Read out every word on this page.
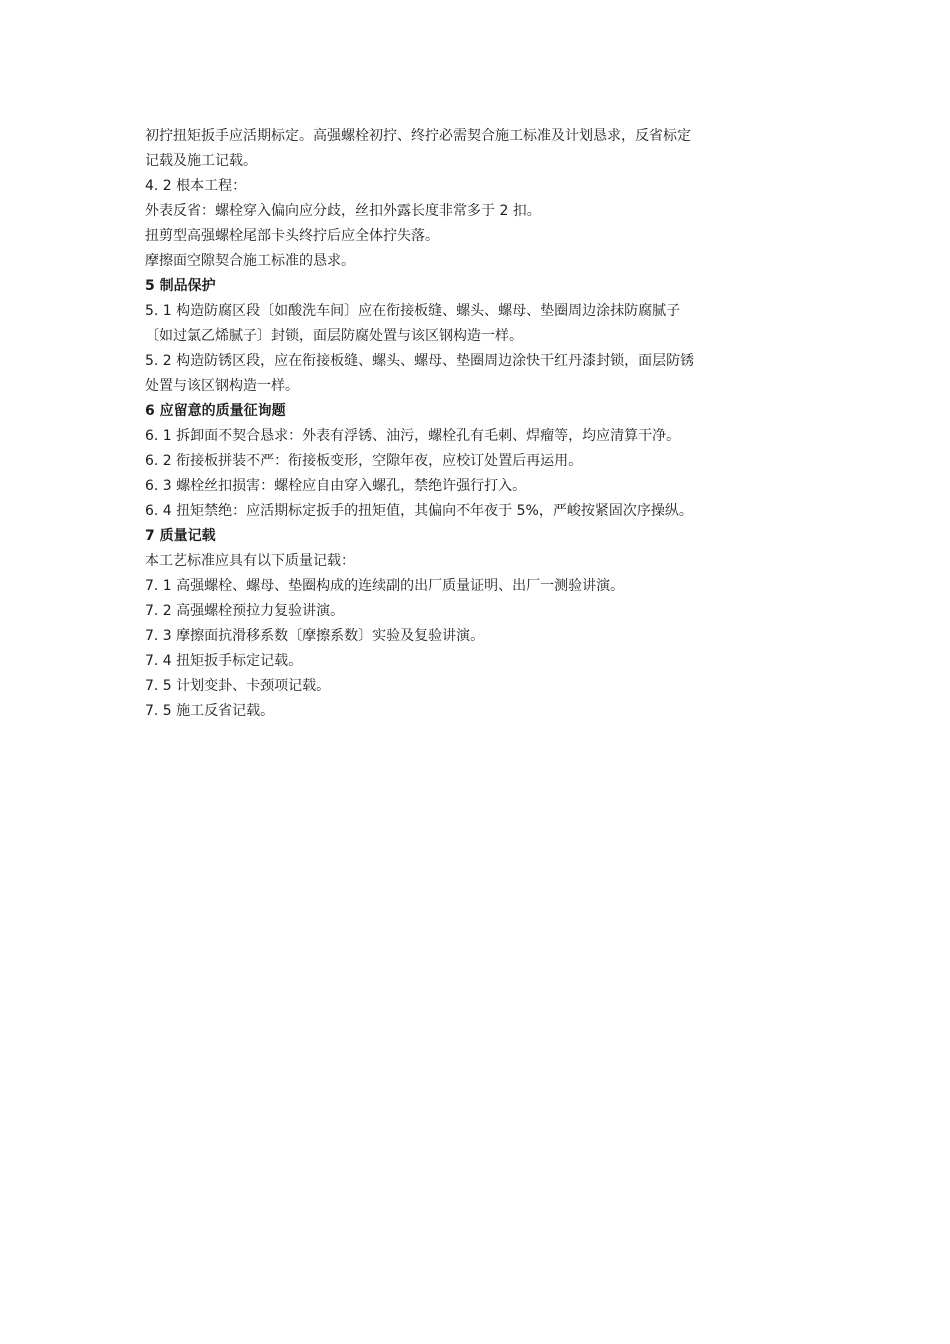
初拧扭矩扳手应活期标定。高强螺栓初拧、终拧必需契合施工标准及计划恳求，反省标定
记载及施工记载。
4. 2 根本工程：
外表反省：螺栓穿入偏向应分歧，丝扣外露长度非常多于 2 扣。
扭剪型高强螺栓尾部卡头终拧后应全体拧失落。
摩擦面空隙契合施工标准的恳求。
5 制品保护
5. 1 构造防腐区段〔如酸洗车间〕应在衔接板缝、螺头、螺母、垫圈周边涂抹防腐腻子
〔如过氯乙烯腻子〕封锁，面层防腐处置与该区钢构造一样。
5. 2 构造防锈区段，应在衔接板缝、螺头、螺母、垫圈周边涂快干红丹漆封锁，面层防锈
处置与该区钢构造一样。
6 应留意的质量征询题
6. 1 拆卸面不契合恳求：外表有浮锈、油污，螺栓孔有毛刺、焊瘤等，均应清算干净。
6. 2 衔接板拼装不严：衔接板变形，空隙年夜，应校订处置后再运用。
6. 3 螺栓丝扣损害：螺栓应自由穿入螺孔，禁绝许强行打入。
6. 4 扭矩禁绝：应活期标定扳手的扭矩值，其偏向不年夜于 5%，严峻按紧固次序操纵。
7 质量记载
本工艺标准应具有以下质量记载：
7. 1 高强螺栓、螺母、垫圈构成的连续副的出厂质量证明、出厂一测验讲演。
7. 2 高强螺栓预拉力复验讲演。
7. 3 摩擦面抗滑移系数〔摩擦系数〕实验及复验讲演。
7. 4 扭矩扳手标定记载。
7. 5 计划变卦、卡颈项记载。
7. 5 施工反省记载。
